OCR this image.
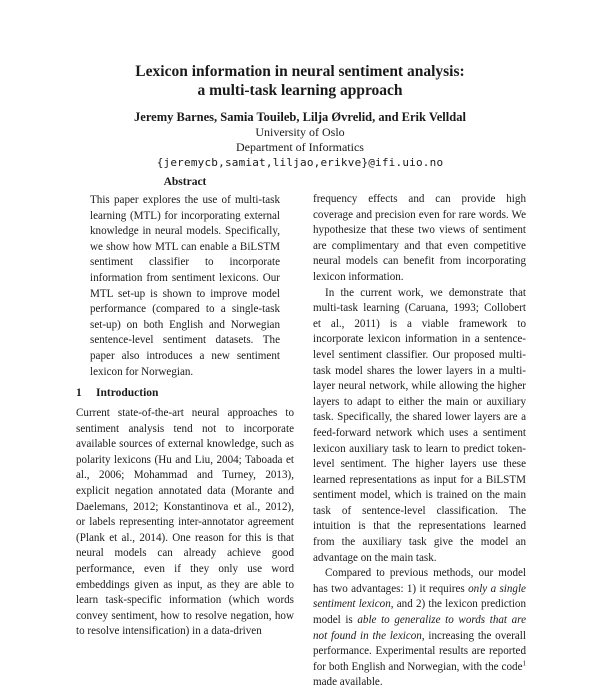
Lexicon information in neural sentiment analysis:
a multi-task learning approach

Jeremy Barnes, Samia Touileb, Lilja Øvrelid, and Erik Velldal

University of Oslo

Department of Informatics

{jeremycb,samiat,liljao,erikve}@ifi.uio.no

Abstract

This paper explores the use of multi-task learning (MTL) for incorporating external knowledge in neural models. Specifically, we show how MTL can enable a BiLSTM sentiment classifier to incorporate information from sentiment lexicons. Our MTL set-up is shown to improve model performance (compared to a single-task set-up) on both English and Norwegian sentence-level sentiment datasets. The paper also introduces a new sentiment lexicon for Norwegian.

1 Introduction

Current state-of-the-art neural approaches to sentiment analysis tend not to incorporate available sources of external knowledge, such as polarity lexicons (Hu and Liu, 2004; Taboada et al., 2006; Mohammad and Turney, 2013), explicit negation annotated data (Morante and Daelemans, 2012; Konstantinova et al., 2012), or labels representing inter-annotator agreement (Plank et al., 2014). One reason for this is that neural models can already achieve good performance, even if they only use word embeddings given as input, as they are able to learn task-specific information (which words convey sentiment, how to resolve negation, how to resolve intensification) in a data-driven

frequency effects and can provide high coverage and precision even for rare words. We hypothesize that these two views of sentiment are complimentary and that even competitive neural models can benefit from incorporating lexicon information.

In the current work, we demonstrate that multi-task learning (Caruana, 1993; Collobert et al., 2011) is a viable framework to incorporate lexicon information in a sentence-level sentiment classifier. Our proposed multi-task model shares the lower layers in a multi-layer neural network, while allowing the higher layers to adapt to either the main or auxiliary task. Specifically, the shared lower layers are a feed-forward network which uses a sentiment lexicon auxiliary task to learn to predict token-level sentiment. The higher layers use these learned representations as input for a BiLSTM sentiment model, which is trained on the main task of sentence-level classification. The intuition is that the representations learned from the auxiliary task give the model an advantage on the main task.

Compared to previous methods, our model has two advantages: 1) it requires only a single sentiment lexicon, and 2) the lexicon prediction model is able to generalize to words that are not found in the lexicon, increasing the overall performance. Experimental results are reported for both English and Norwegian, with the code$^1$ made available.
